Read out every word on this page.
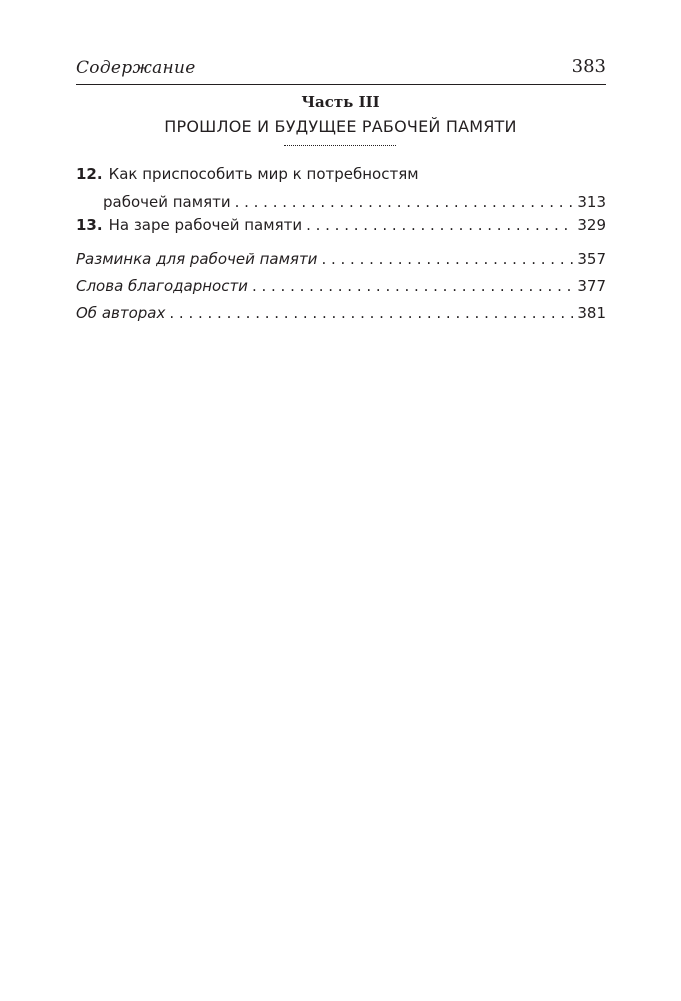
Содержание	383
Часть III
ПРОШЛОЕ И БУДУЩЕЕ РАБОЧЕЙ ПАМЯТИ
12. Как приспособить мир к потребностям
рабочей памяти . . .	313
13. На заре рабочей памяти . . .	329
Разминка для рабочей памяти . . .	357
Слова благодарности . . .	377
Об авторах . . .	381
